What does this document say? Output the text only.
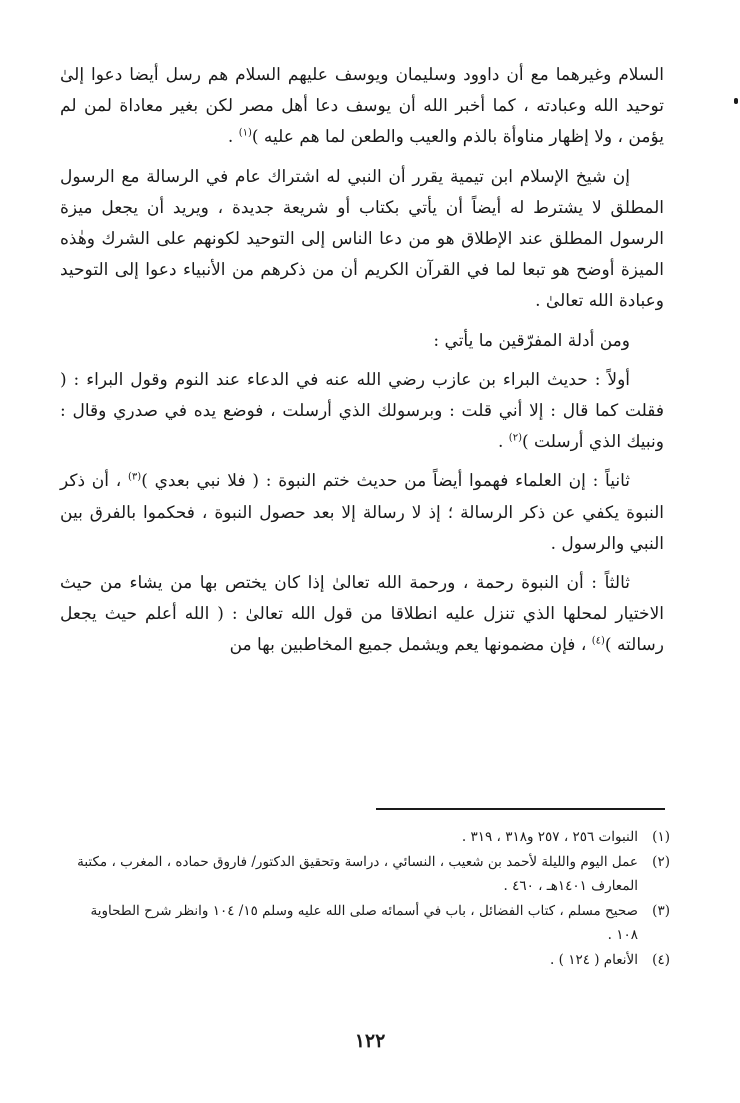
السلام وغيرهما مع أن داوود وسليمان ويوسف عليهم السلام هم رسل أيضا دعوا إلىٰ توحيد الله وعبادته ، كما أخبر الله أن يوسف دعا أهل مصر لكن بغير معاداة لمن لم يؤمن ، ولا إظهار مناوأة بالذم والعيب والطعن لما هم عليه )$^{(١)}$ .

إن شيخ الإسلام ابن تيمية يقرر أن النبي له اشتراك عام في الرسالة مع الرسول المطلق لا يشترط له أيضاً أن يأتي بكتاب أو شريعة جديدة ، ويريد أن يجعل ميزة الرسول المطلق عند الإطلاق هو من دعا الناس إلى التوحيد لكونهم على الشرك وهٰذه الميزة أوضح هو تبعا لما في القرآن الكريم أن من ذكرهم من الأنبياء دعوا إلى التوحيد وعبادة الله تعالىٰ .

ومن أدلة المفرّقين ما يأتي :

أولاً : حديث البراء بن عازب رضي الله عنه في الدعاء عند النوم وقول البراء : ( فقلت كما قال : إلا أني قلت : وبرسولك الذي أرسلت ، فوضع يده في صدري وقال : ونبيك الذي أرسلت )$^{(٢)}$ .

ثانياً : إن العلماء فهموا أيضاً من حديث ختم النبوة : ( فلا نبي بعدي )$^{(٣)}$ ، أن ذكر النبوة يكفي عن ذكر الرسالة ؛ إذ لا رسالة إلا بعد حصول النبوة ، فحكموا بالفرق بين النبي والرسول .

ثالثاً : أن النبوة رحمة ، ورحمة الله تعالىٰ إذا كان يختص بها من يشاء من حيث الاختيار لمحلها الذي تنزل عليه انطلاقا من قول الله تعالىٰ : ( الله أعلم حيث يجعل رسالته )$^{(٤)}$ ، فإن مضمونها يعم ويشمل جميع المخاطبين بها من

(١)
النبوات ٢٥٦ ، ٢٥٧ و٣١٨ ، ٣١٩ .
(٢)
عمل اليوم والليلة لأحمد بن شعيب ، النسائي ، دراسة وتحقيق الدكتور/ فاروق حماده ، المغرب ، مكتبة المعارف ١٤٠١هـ ، ٤٦٠ .
(٣)
صحيح مسلم ، كتاب الفضائل ، باب في أسمائه صلى الله عليه وسلم ١٥/ ١٠٤ وانظر شرح الطحاوية ١٠٨ .
(٤)
الأنعام ( ١٢٤ ) .
١٢٢
